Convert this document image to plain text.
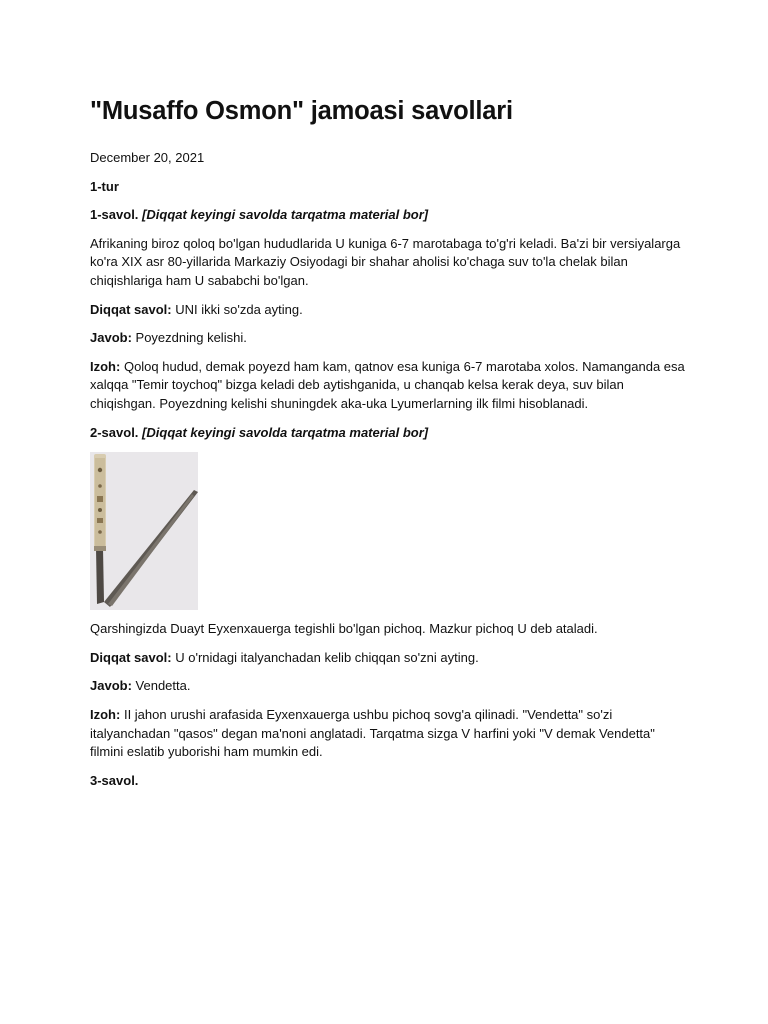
"Musaffo Osmon" jamoasi savollari

December 20, 2021

1-tur

1-savol. [Diqqat keyingi savolda tarqatma material bor]

Afrikaning biroz qoloq bo'lgan hududlarida U kuniga 6-7 marotabaga to'g'ri keladi. Ba'zi bir versiyalarga ko'ra XIX asr 80-yillarida Markaziy Osiyodagi bir shahar aholisi ko'chaga suv to'la chelak bilan chiqishlariga ham U sababchi bo'lgan.

Diqqat savol: UNI ikki so'zda ayting.

Javob: Poyezdning kelishi.

Izoh: Qoloq hudud, demak poyezd ham kam, qatnov esa kuniga 6-7 marotaba xolos. Namanganda esa xalqqa "Temir toychoq" bizga keladi deb aytishganida, u chanqab kelsa kerak deya, suv bilan chiqishgan. Poyezdning kelishi shuningdek aka-uka Lyumerlarning ilk filmi hisoblanadi.

2-savol. [Diqqat keyingi savolda tarqatma material bor]

Qarshingizda Duayt Eyxenxauerga tegishli bo'lgan pichoq. Mazkur pichoq U deb ataladi.

Diqqat savol: U o'rnidagi italyanchadan kelib chiqqan so'zni ayting.

Javob: Vendetta.

Izoh: II jahon urushi arafasida Eyxenxauerga ushbu pichoq sovg'a qilinadi. "Vendetta" so'zi italyanchadan "qasos" degan ma'noni anglatadi. Tarqatma sizga V harfini yoki "V demak Vendetta" filmini eslatib yuborishi ham mumkin edi.

3-savol.
